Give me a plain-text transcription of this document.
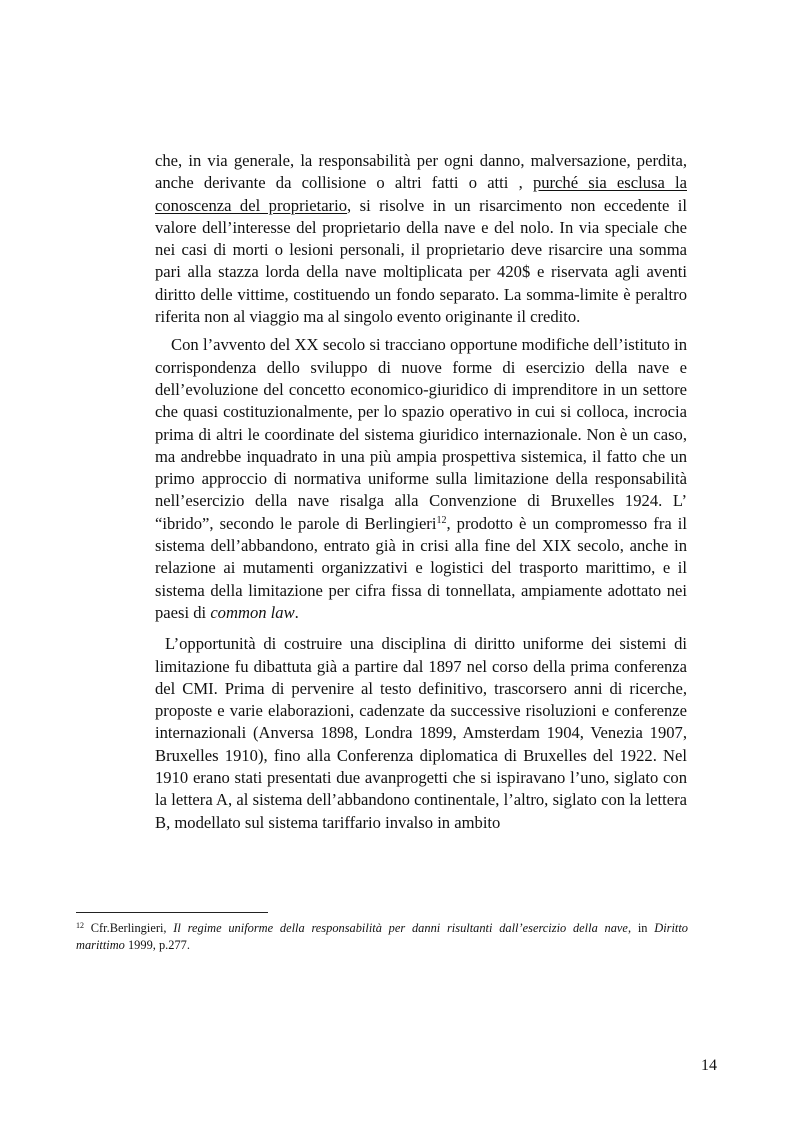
che, in via generale, la responsabilità per ogni danno, malversazione, perdita, anche derivante da collisione o altri fatti o atti , purché sia esclusa la conoscenza del proprietario, si risolve in un risarcimento non eccedente il valore dell’interesse del proprietario della nave e del nolo. In via speciale che nei casi di morti o lesioni personali, il proprietario deve risarcire una somma pari alla stazza lorda della nave moltiplicata per 420$ e riservata agli aventi diritto delle vittime, costituendo un fondo separato. La somma-limite è peraltro riferita non al viaggio ma al singolo evento originante il credito.

Con l’avvento del XX secolo si tracciano opportune modifiche dell’istituto in corrispondenza dello sviluppo di nuove forme di esercizio della nave e dell’evoluzione del concetto economico-giuridico di imprenditore in un settore che quasi costituzionalmente, per lo spazio operativo in cui si colloca, incrocia prima di altri le coordinate del sistema giuridico internazionale. Non è un caso, ma andrebbe inquadrato in una più ampia prospettiva sistemica, il fatto che un primo approccio di normativa uniforme sulla limitazione della responsabilità nell’esercizio della nave risalga alla Convenzione di Bruxelles 1924. L’ “ibrido”, secondo le parole di Berlingieri$^{12}$, prodotto è un compromesso fra il sistema dell’abbandono, entrato già in crisi alla fine del XIX secolo, anche in relazione ai mutamenti organizzativi e logistici del trasporto marittimo, e il sistema della limitazione per cifra fissa di tonnellata, ampiamente adottato nei paesi di common law.

L’opportunità di costruire una disciplina di diritto uniforme dei sistemi di limitazione fu dibattuta già a partire dal 1897 nel corso della prima conferenza del CMI. Prima di pervenire al testo definitivo, trascorsero anni di ricerche, proposte e varie elaborazioni, cadenzate da successive risoluzioni e conferenze internazionali (Anversa 1898, Londra 1899, Amsterdam 1904, Venezia 1907, Bruxelles 1910), fino alla Conferenza diplomatica di Bruxelles del 1922. Nel 1910 erano stati presentati due avanprogetti che si ispiravano l’uno, siglato con la lettera A, al sistema dell’abbandono continentale, l’altro, siglato con la lettera B, modellato sul sistema tariffario invalso in ambito

$^{12}$ Cfr.Berlingieri, Il regime uniforme della responsabilità per danni risultanti dall’esercizio della nave, in Diritto marittimo 1999, p.277.
14
